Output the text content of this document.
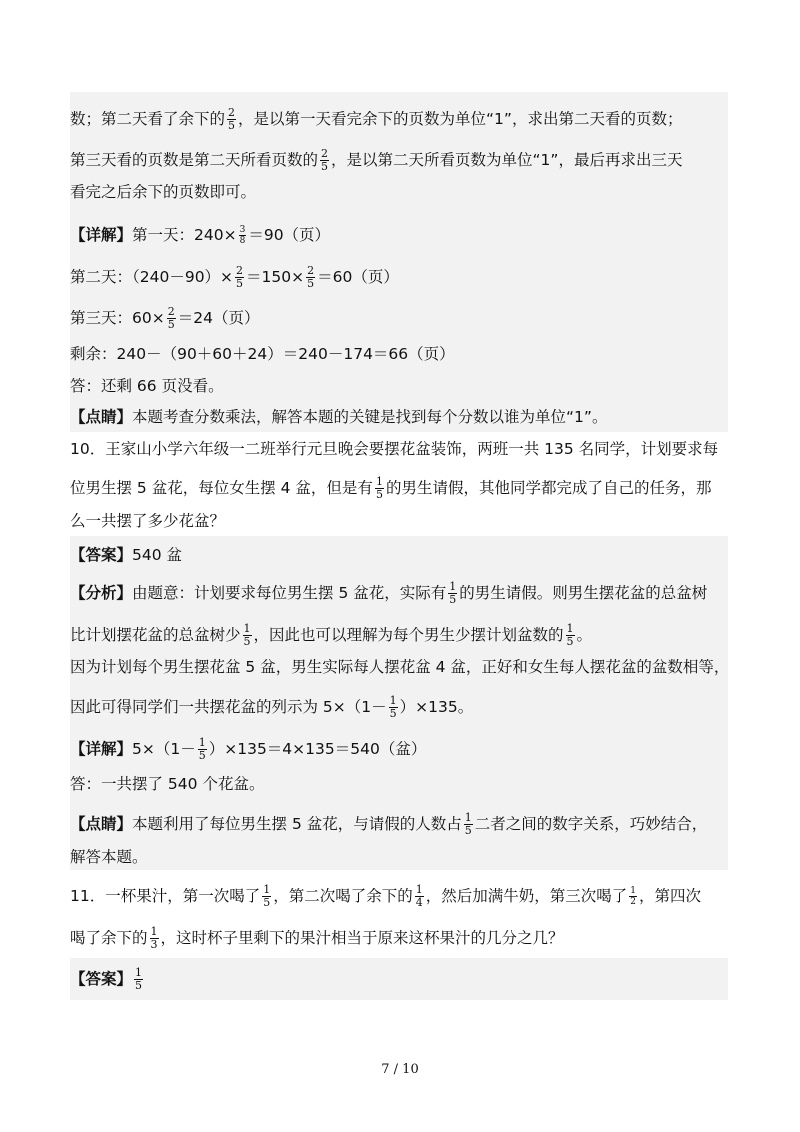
数；第二天看了余下的 $\frac{2}{5}$ ，是以第一天看完余下的页数为单位“1”，求出第二天看的页数；
第三天看的页数是第二天所看页数的 $\frac{2}{5}$ ，是以第二天所看页数为单位“1”，最后再求出三天
看完之后余下的页数即可。
【详解】第一天：$240\times \frac{3}{8} =90$（页）
第二天：$(240-90)\times \frac{2}{5} =150\times \frac{2}{5} =60$（页）
第三天：$60\times \frac{2}{5} =24$（页）
剩余：240－（90＋60＋24）＝240－174＝66（页）
答：还剩 66 页没看。
【点睛】本题考查分数乘法，解答本题的关键是找到每个分数以谁为单位“1”。
10．王家山小学六年级一二班举行元旦晚会要摆花盆装饰，两班一共 135 名同学，计划要求每
位男生摆 5 盆花，每位女生摆 4 盆，但是有 $\frac{1}{5}$ 的男生请假，其他同学都完成了自己的任务，那
么一共摆了多少花盆？
【答案】540 盆
【分析】由题意：计划要求每位男生摆 5 盆花，实际有 $\frac{1}{5}$ 的男生请假。则男生摆花盆的总盆树
比计划摆花盆的总盆树少 $\frac{1}{5}$ ，因此也可以理解为每个男生少摆计划盆数的 $\frac{1}{5}$ 。
因为计划每个男生摆花盆 5 盆，男生实际每人摆花盆 4 盆，正好和女生每人摆花盆的盆数相等，
因此可得同学们一共摆花盆的列示为 $5\times(1- \frac{1}{5} )\times 135$。
【详解】$5\times(1- \frac{1}{5} )\times 135=4\times 135=540$（盆）
答：一共摆了 540 个花盆。
【点睛】本题利用了每位男生摆 5 盆花，与请假的人数占 $\frac{1}{5}$ 二者之间的数字关系，巧妙结合，
解答本题。
11．一杯果汁，第一次喝了 $\frac{1}{5}$ ，第二次喝了余下的 $\frac{1}{4}$ ，然后加满牛奶，第三次喝了 $\frac{1}{2}$ ，第四次
喝了余下的 $\frac{1}{3}$ ，这时杯子里剩下的果汁相当于原来这杯果汁的几分之几？
【答案】 $\frac{1}{5}$
7 / 10
